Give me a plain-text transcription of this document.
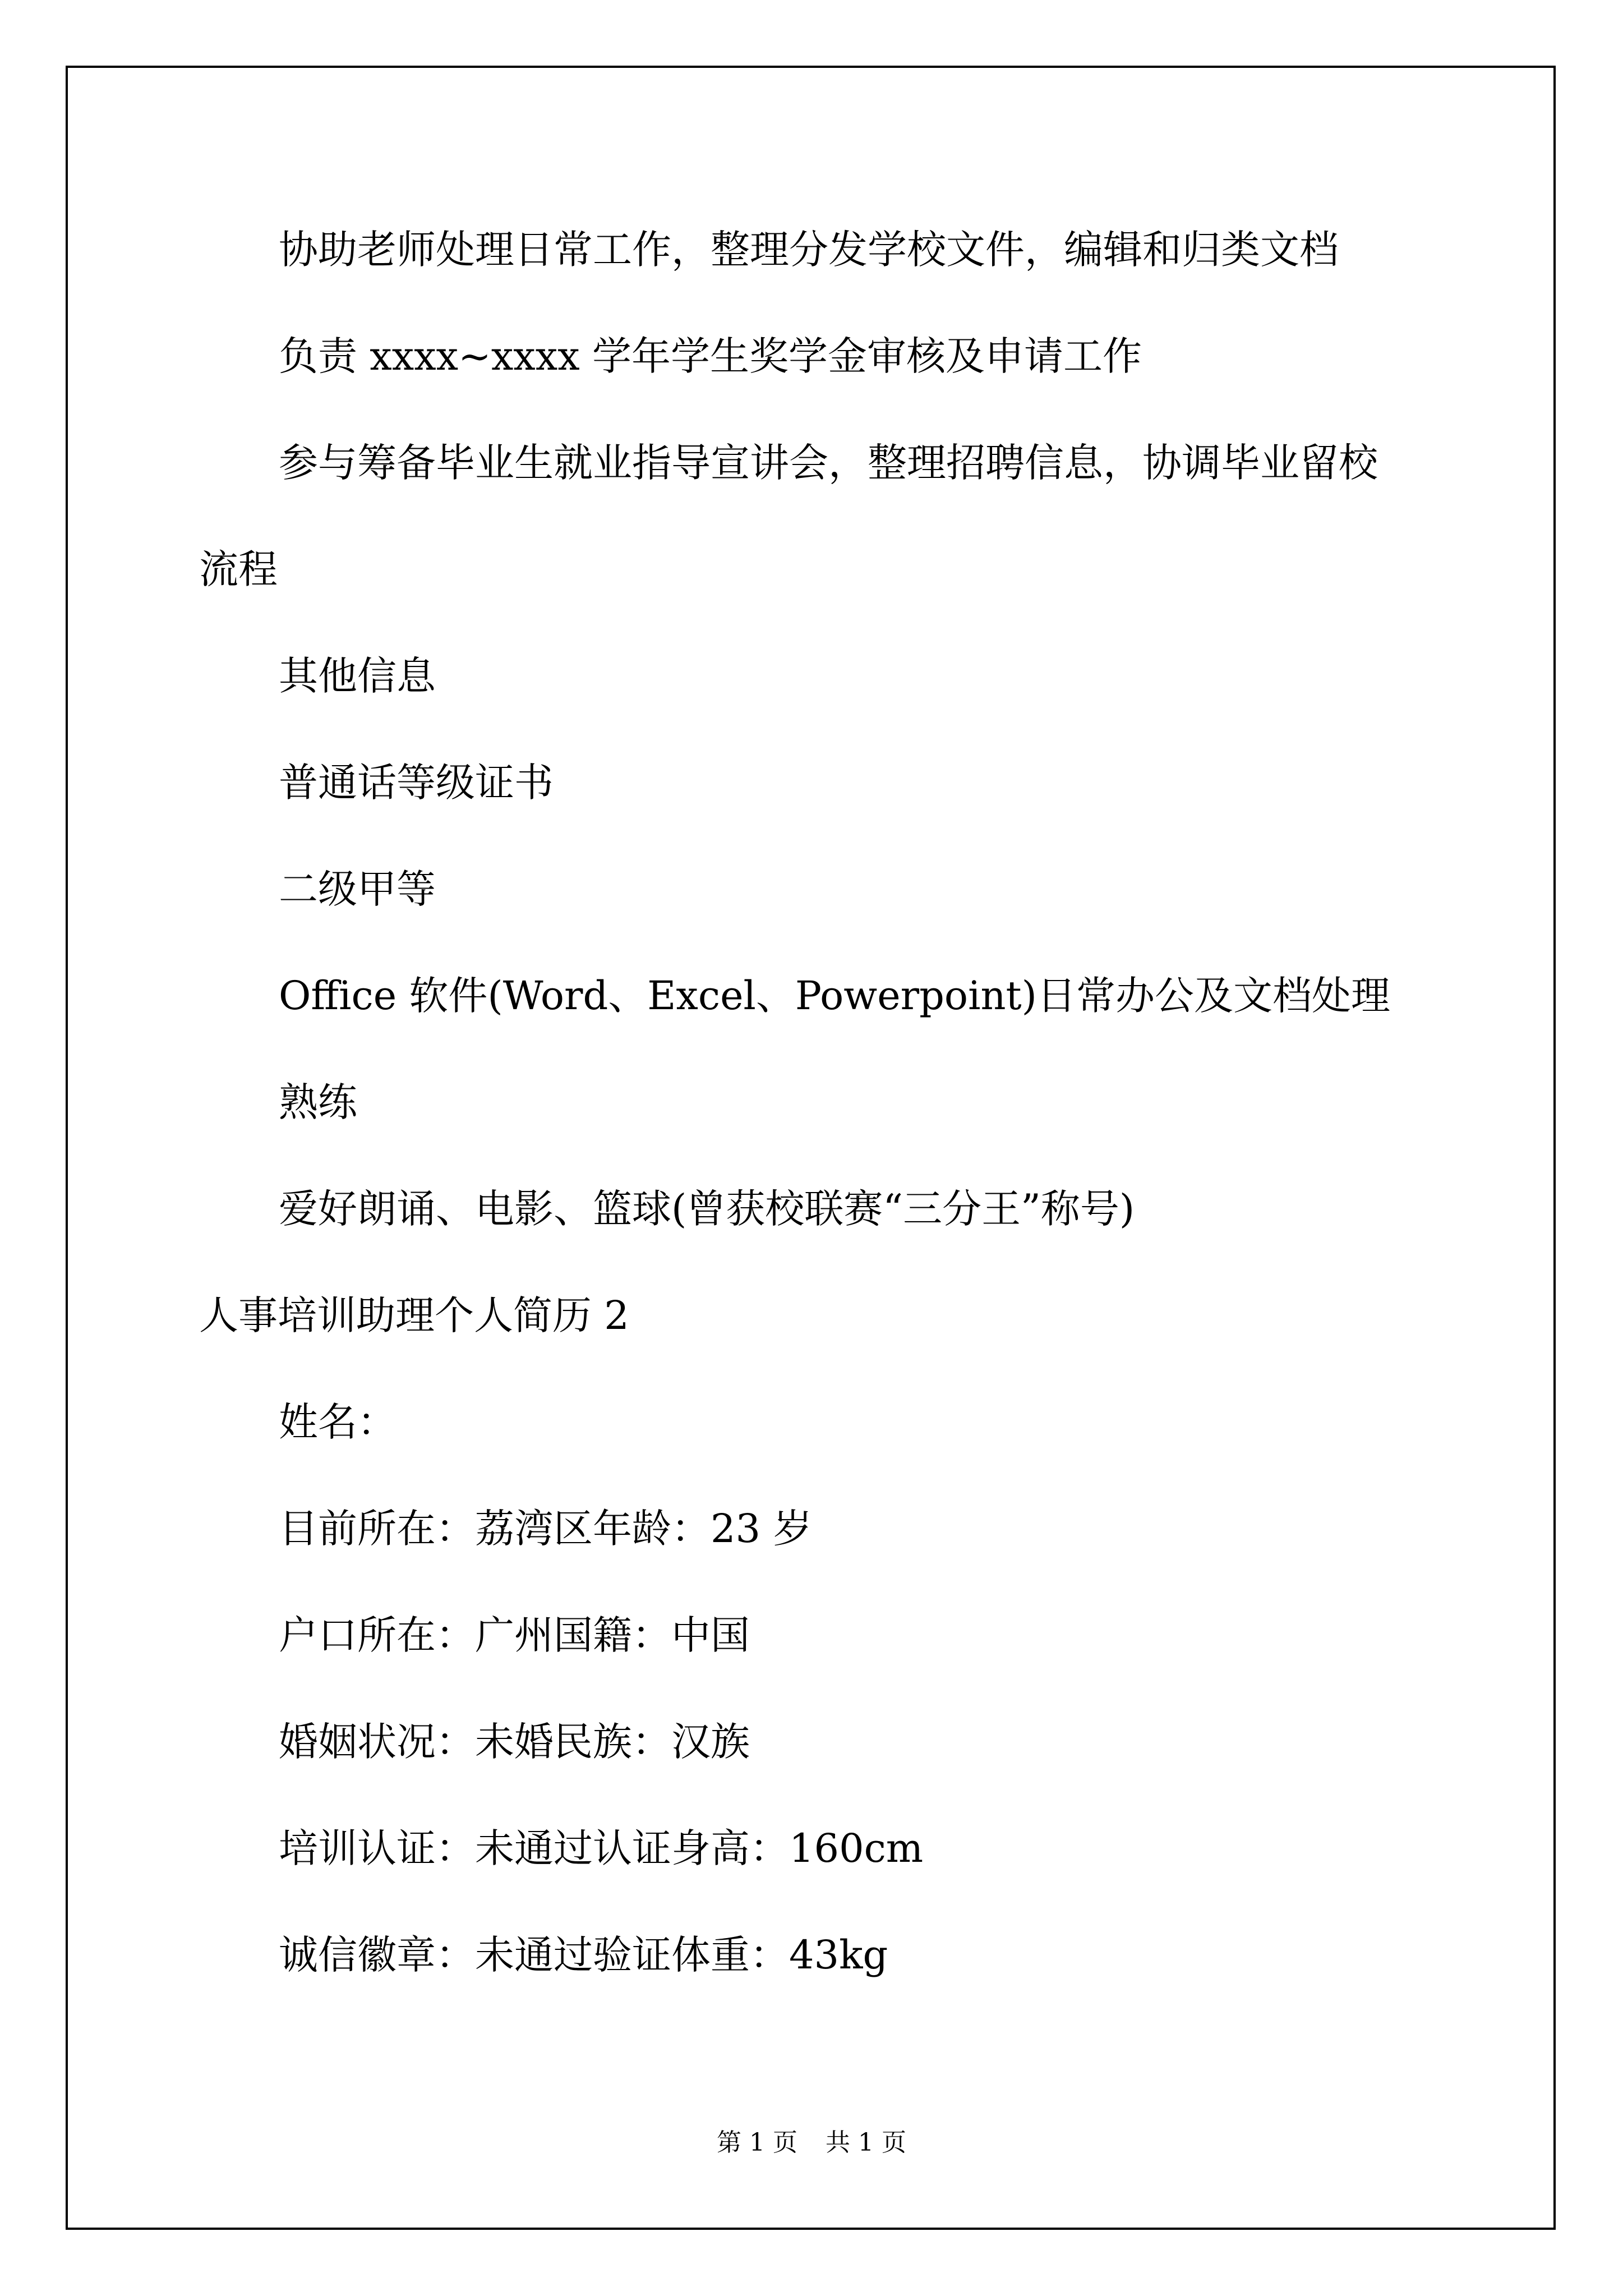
协助老师处理日常工作，整理分发学校文件，编辑和归类文档

负责 xxxx~xxxx 学年学生奖学金审核及申请工作

参与筹备毕业生就业指导宣讲会，整理招聘信息，协调毕业留校

流程

其他信息

普通话等级证书

二级甲等

Office 软件(Word、Excel、Powerpoint)日常办公及文档处理

熟练

爱好朗诵、电影、篮球(曾获校联赛“三分王”称号)

人事培训助理个人简历 2

姓名：

目前所在：荔湾区年龄：23 岁

户口所在：广州国籍：中国

婚姻状况：未婚民族：汉族

培训认证：未通过认证身高：160cm

诚信徽章：未通过验证体重：43kg

第 1 页 共 1 页
